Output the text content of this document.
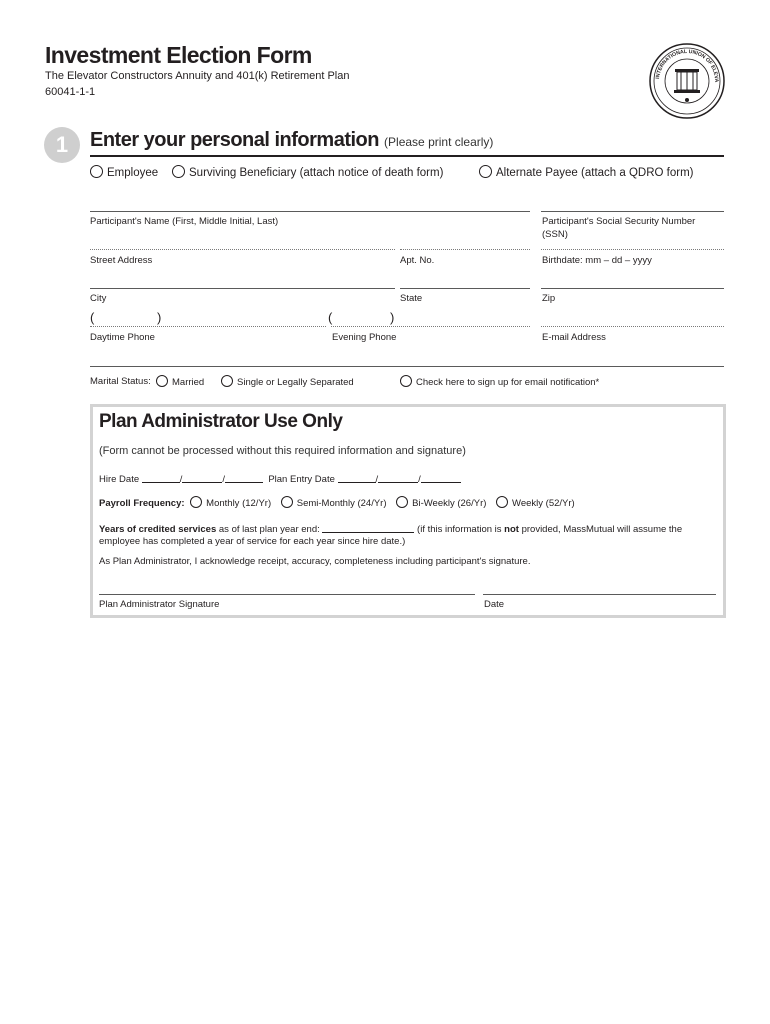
Investment Election Form
The Elevator Constructors Annuity and 401(k) Retirement Plan
60041-1-1
INTERNATIONAL UNION OF ELEVA
1	Enter your personal information (Please print clearly)
Employee	Surviving Beneficiary (attach notice of death form)	Alternate Payee (attach a QDRO form)
Participant's Name (First, Middle Initial, Last)	Participant's Social Security Number
(SSN)
Street Address	Apt. No.	Birthdate: mm – dd – yyyy
City	State	Zip
(	)	(	)
Daytime Phone	Evening Phone	E-mail Address
Marital Status:	Married	Single or Legally Separated	Check here to sign up for email notification*
Plan Administrator Use Only
(Form cannot be processed without this required information and signature)
Hire Date	/	/	Plan Entry Date	/	/
Payroll Frequency: Monthly (12/Yr)	Semi-Monthly (24/Yr)	Bi-Weekly (26/Yr)	Weekly (52/Yr)
Years of credited services as of last plan year end:	(if this information is not provided, MassMutual will assume the
employee has completed a year of service for each year since hire date.)
As Plan Administrator, I acknowledge receipt, accuracy, completeness including participant's signature.
Plan Administrator Signature	Date
